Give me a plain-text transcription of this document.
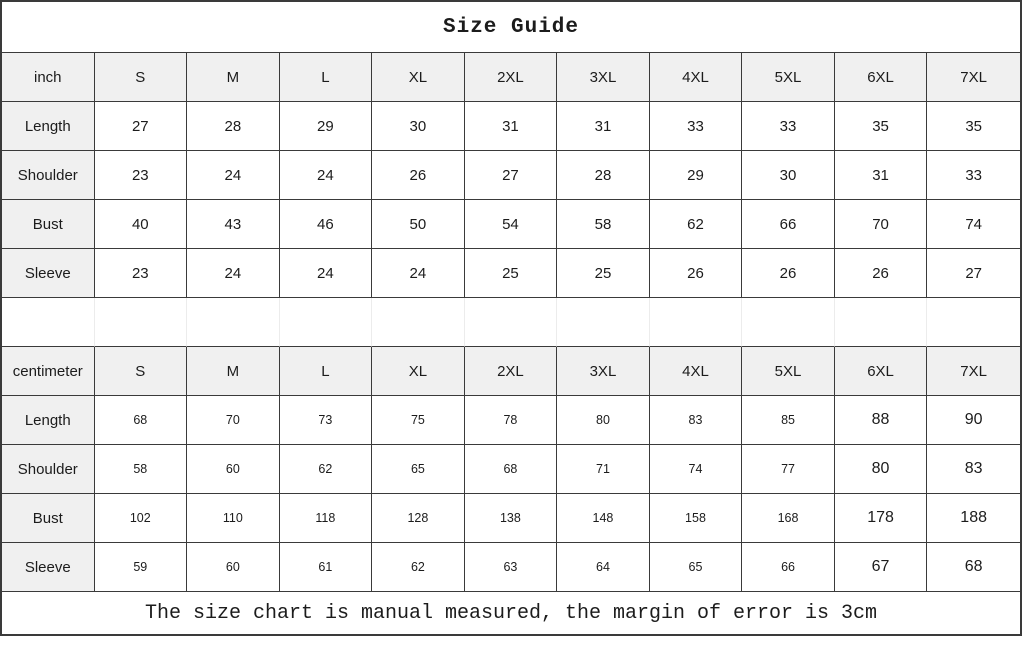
Size Guide										
inch	S	M	L	XL	2XL	3XL	4XL	5XL	6XL	7XL
Length	27	28	29	30	31	31	33	33	35	35
Shoulder	23	24	24	26	27	28	29	30	31	33
Bust	40	43	46	50	54	58	62	66	70	74
Sleeve	23	24	24	24	25	25	26	26	26	27

centimeter	S	M	L	XL	2XL	3XL	4XL	5XL	6XL	7XL
Length	68	70	73	75	78	80	83	85	88	90
Shoulder	58	60	62	65	68	71	74	77	80	83
Bust	102	110	118	128	138	148	158	168	178	188
Sleeve	59	60	61	62	63	64	65	66	67	68
The size chart is manual measured, the margin of error is 3cm										
